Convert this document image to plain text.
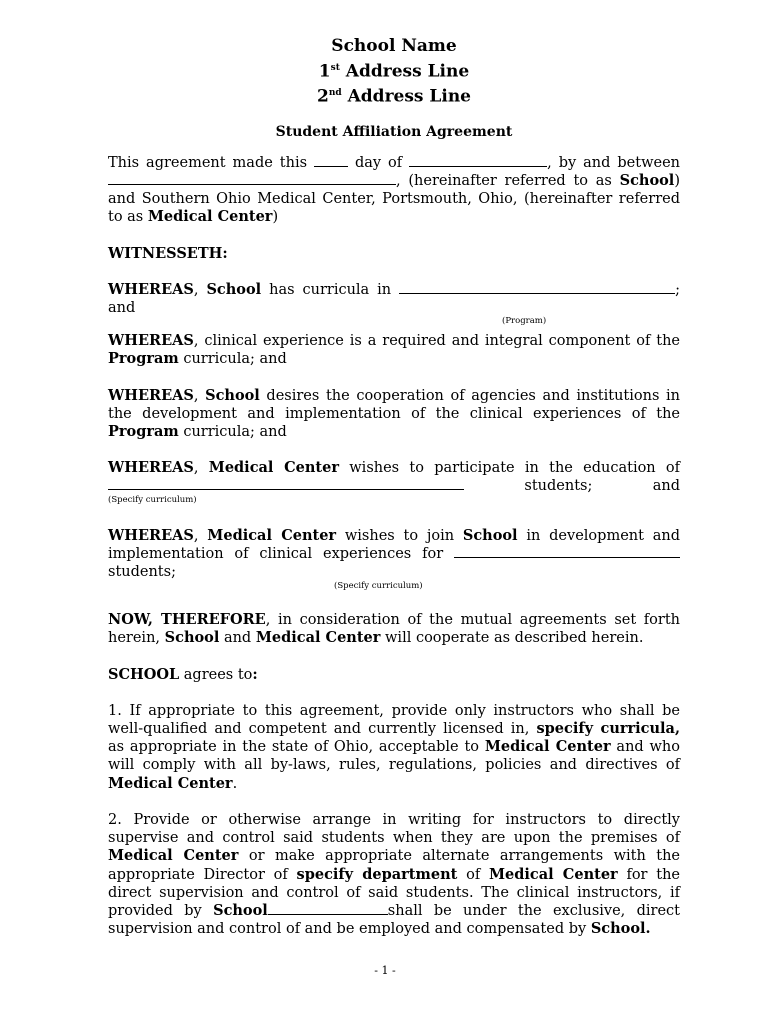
School Name
1st Address Line
2nd Address Line
Student Affiliation Agreement

This agreement made this  day of	, by and between , (hereinafter referred to as School) and Southern Ohio Medical Center, Portsmouth, Ohio, (hereinafter referred to as Medical Center)

WITNESSETH:

WHEREAS, School has curricula in	; and

(Program)

WHEREAS, clinical experience is a required and integral component of the Program curricula; and

WHEREAS, School desires the cooperation of agencies and institutions in the development and implementation of the clinical experiences of the Program curricula; and

WHEREAS, Medical Center wishes to participate in the education of  students; and

(Specify curriculum)

WHEREAS, Medical Center wishes to join School in development and implementation of clinical experiences for  students;

(Specify curriculum)

NOW, THEREFORE, in consideration of the mutual agreements set forth herein, School and Medical Center will cooperate as described herein.

SCHOOL agrees to:

1. If appropriate to this agreement, provide only instructors who shall be well-qualified and competent and currently licensed in, specify curricula, as appropriate in the state of Ohio, acceptable to Medical Center and who will comply with all by-laws, rules, regulations, policies and directives of Medical Center.

2. Provide or otherwise arrange in writing for instructors to directly supervise and control said students when they are upon the premises of Medical Center or make appropriate alternate arrangements with the appropriate Director of specify department of Medical Center for the direct supervision and control of said students. The clinical instructors, if provided by School	shall be under the exclusive, direct supervision and control of and be employed and compensated by School.

- 1 -
